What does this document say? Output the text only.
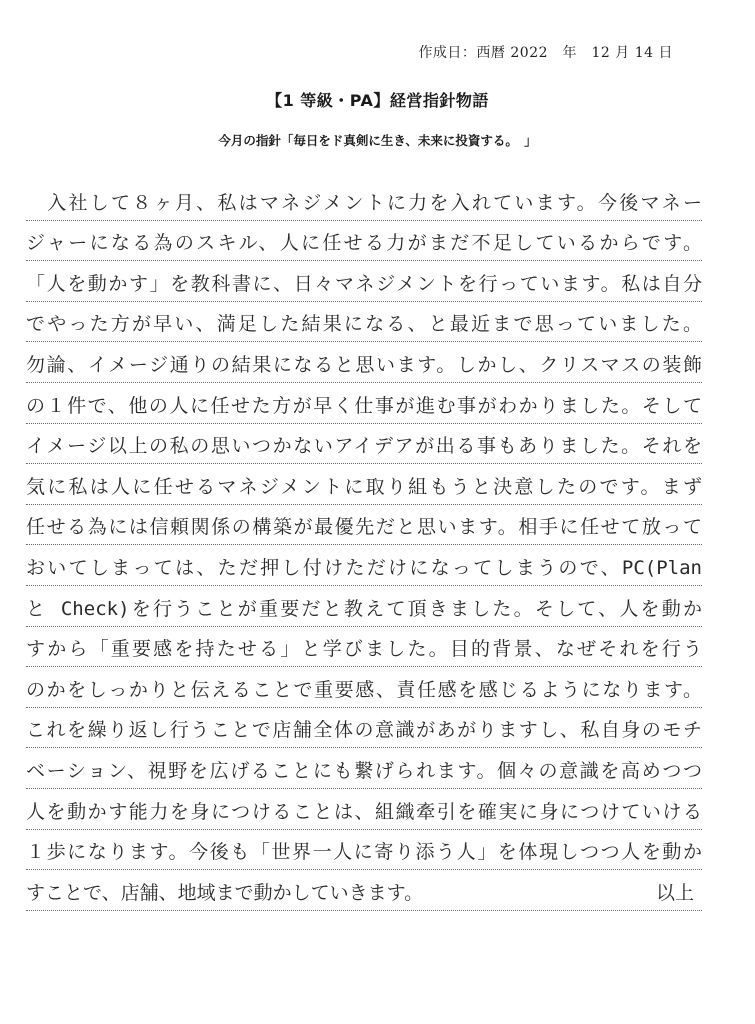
作成日：西暦 2022　年　12 月 14 日
【1 等級・PA】経営指針物語
今月の指針「毎日をド真剣に生き、未来に投資する。　」
　入社して８ヶ月、私はマネジメントに力を入れています。今後マネー
ジャーになる為のスキル、人に任せる力がまだ不足しているからです。
「人を動かす」を教科書に、日々マネジメントを行っています。私は自分
でやった方が早い、満足した結果になる、と最近まで思っていました。
勿論、イメージ通りの結果になると思います。しかし、クリスマスの装飾
の１件で、他の人に任せた方が早く仕事が進む事がわかりました。そして
イメージ以上の私の思いつかないアイデアが出る事もありました。それを
気に私は人に任せるマネジメントに取り組もうと決意したのです。まず
任せる為には信頼関係の構築が最優先だと思います。相手に任せて放って
おいてしまっては、ただ押し付けただけになってしまうので、PC(Plan
と Check)を行うことが重要だと教えて頂きました。そして、人を動か
すから「重要感を持たせる」と学びました。目的背景、なぜそれを行う
のかをしっかりと伝えることで重要感、責任感を感じるようになります。
これを繰り返し行うことで店舗全体の意識があがりますし、私自身のモチ
ベーション、視野を広げることにも繋げられます。個々の意識を高めつつ
人を動かす能力を身につけることは、組織牽引を確実に身につけていける
１歩になります。今後も「世界一人に寄り添う人」を体現しつつ人を動か
すことで、店舗、地域まで動かしていきます。	以上
